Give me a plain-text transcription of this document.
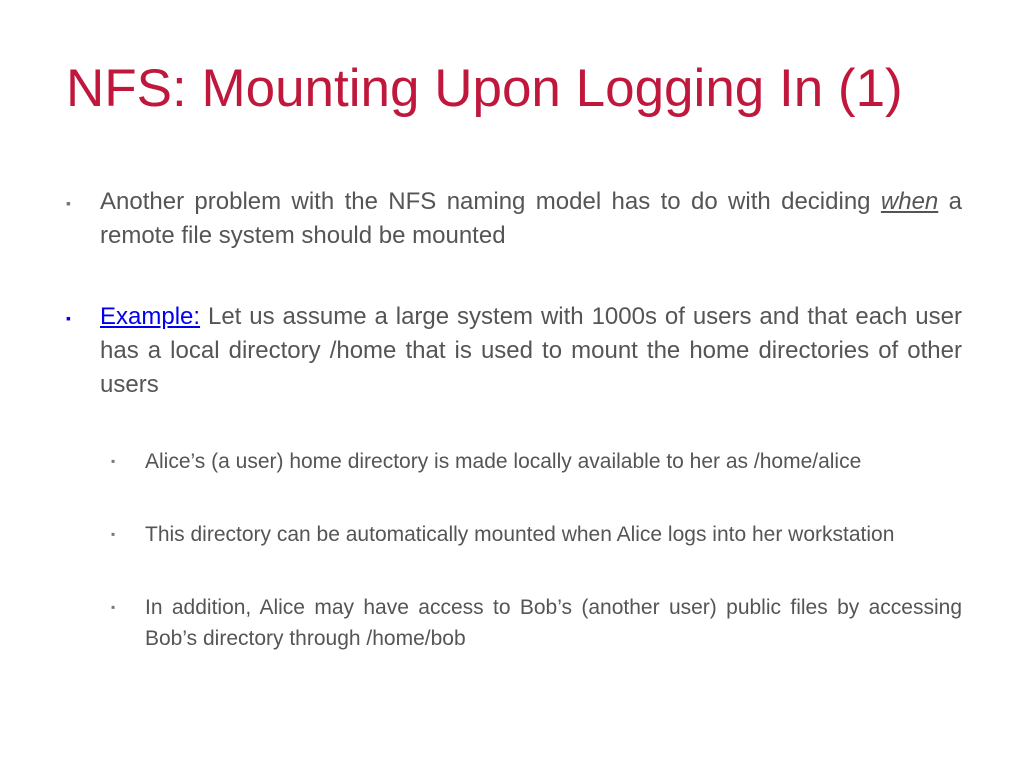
NFS: Mounting Upon Logging In (1)
▪ Another problem with the NFS naming model has to do with deciding when a remote file system should be mounted
▪ Example: Let us assume a large system with 1000s of users and that each user has a local directory /home that is used to mount the home directories of other users
▪ Alice’s (a user) home directory is made locally available to her as /home/alice
▪ This directory can be automatically mounted when Alice logs into her workstation
▪ In addition, Alice may have access to Bob’s (another user) public files by accessing Bob’s directory through /home/bob
